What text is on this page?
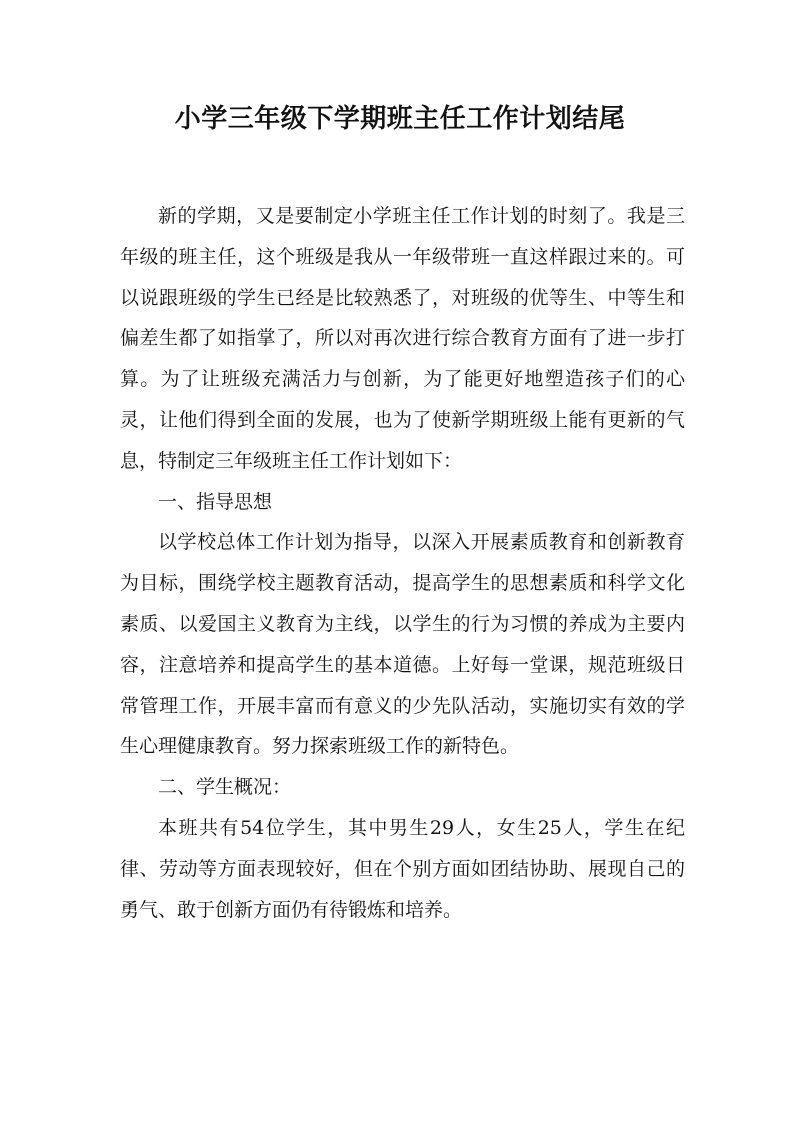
小学三年级下学期班主任工作计划结尾

新的学期，又是要制定小学班主任工作计划的时刻了。我是三年级的班主任，这个班级是我从一年级带班一直这样跟过来的。可以说跟班级的学生已经是比较熟悉了，对班级的优等生、中等生和偏差生都了如指掌了，所以对再次进行综合教育方面有了进一步打算。为了让班级充满活力与创新，为了能更好地塑造孩子们的心灵，让他们得到全面的发展，也为了使新学期班级上能有更新的气息，特制定三年级班主任工作计划如下：

一、指导思想

以学校总体工作计划为指导，以深入开展素质教育和创新教育为目标，围绕学校主题教育活动，提高学生的思想素质和科学文化素质、以爱国主义教育为主线，以学生的行为习惯的养成为主要内容，注意培养和提高学生的基本道德。上好每一堂课，规范班级日常管理工作，开展丰富而有意义的少先队活动，实施切实有效的学生心理健康教育。努力探索班级工作的新特色。

二、学生概况：

本班共有54位学生，其中男生29人，女生25人，学生在纪律、劳动等方面表现较好，但在个别方面如团结协助、展现自己的勇气、敢于创新方面仍有待锻炼和培养。
